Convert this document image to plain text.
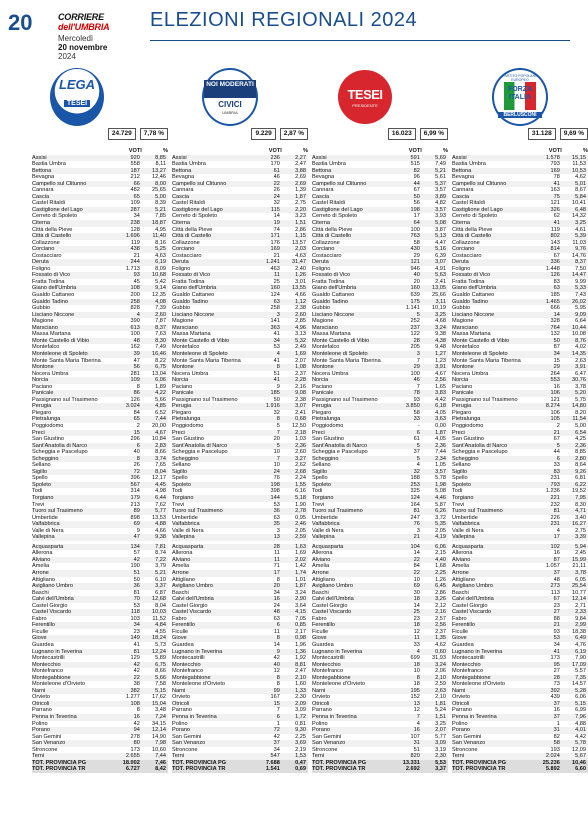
20	CORRIERE dell'UMBRIA
Mercoledì
20 novembre
2024
ELEZIONI REGIONALI 2024
LEGA
TESEI
UMBRIA
24.729	7,78 %
	VOTI	%
Assisi	920	8,85
Bastia Umbra	558	8,11
Bettona	187	13,27
Bevagna	212	12,46
Campello sul Clitunno	66	8,00
Cannara	482	25,65
Cascia	65	5,00
Castel Ritaldi	109	8,39
Castiglione del Lago	287	5,21
Cerreto di Spoleto	34	7,85
Citerna	238	18,87
Città della Pieve	128	4,95
Città di Castello	1.696	11,40
Collazzone	119	8,16
Corciano	438	5,25
Costacciaro	21	4,63
Deruta	244	6,19
Foligno	1.713	8,09
Fossato di Vico	93	10,68
Fratta Todina	45	5,42
Giano dell'Umbria	108	9,14
Gualdo Cattaneo	200	12,35
Gualdo Tadino	258	4,08
Gubbio	828	7,39
Lisciano Niccone	4	2,60
Magione	390	7,87
Marsciano	613	8,37
Massa Martana	100	7,63
Monte Castello di Vibio	48	8,30
Montefalco	162	7,49
Monteleone di Spoleto	39	16,46
Monte Santa Maria Tiberina	47	8,22
Montone	56	6,75
Nocera Umbra	281	13,04
Norcia	109	6,06
Paciano	8	1,89
Panicale	86	4,22
Passignano sul Trasimeno	126	5,66
Perugia	3.024	4,85
Piegaro	84	6,52
Pietralunga	65	7,44
Poggiodomo	2	20,00
Preci	15	4,67
San Giustino	296	10,84
Sant'Anatolia di Narco	6	2,83
Scheggia e Pascelupo	40	8,66
Scheggino	8	3,74
Sellano	26	7,65
Sigillo	72	8,04
Spello	396	12,17
Spoleto	567	4,45
Todi	314	4,98
Torgiano	179	6,44
Trevi	213	7,62
Tuoro sul Trasimeno	89	5,77
Umbertide	898	13,53
Valfabbrica	69	4,88
Valle di Nera	9	4,66
Vallepina	47	9,38

Acquasparta	134	7,81
Allerona	57	8,74
Alviano	42	7,22
Amelia	190	3,79
Arrone	51	5,21
Attigliano	50	6,10
Avigliano Umbro	36	3,37
Baschi	81	6,87
Calvi dell'Umbria	70	12,68
Castel Giorgio	53	8,04
Castel Viscardo	118	10,03
Fabro	103	11,52
Ferentillo	34	4,84
Ficulle	23	4,55
Giove	149	18,24
Guardea	41	5,73
Lugnano in Teverina	81	12,24
Montecastrilli	129	5,89
Montecchio	42	6,75
Montefranco	42	8,66
Montegabbione	22	5,66
Monteleone d'Orvieto	38	7,58
Narni	382	5,15
Orvieto	1.277	17,62
Otricoli	108	15,04
Parrano	8	3,48
Penna in Teverina	16	7,24
Polino	42	34,15
Porano	94	12,14
San Gemini	278	14,90
San Venanzo	80	7,98
Stroncone	173	10,60
Terni	2.655	7,44
TOT. PROVINCIA PG	18.002	7,46
TOT. PROVINCIA TR	6.727	8,42
NOI MODERATI
CIVICI
UMBRIA
9.229	2,87 %
	VOTI	%
Assisi	236	2,27
Bastia Umbra	170	2,47
Bettona	61	3,88
Bevagna	46	2,69
Campello sul Clitunno	22	2,69
Cannara	26	1,39
Cascia	24	1,87
Castel Ritaldi	32	2,75
Castiglione del Lago	115	2,20
Cerreto di Spoleto	14	3,23
Citerna	19	1,51
Città della Pieve	74	2,86
Città di Castello	171	1,15
Collazzone	176	13,57
Corciano	169	2,03
Costacciaro	21	4,63
Deruta	1.241	31,47
Foligno	463	2,40
Fossato di Vico	11	1,26
Fratta Todina	25	3,01
Giano dell'Umbria	160	13,55
Gualdo Cattaneo	124	4,66
Gualdo Tadino	63	1,12
Gubbio	258	2,38
Lisciano Niccone	3	2,60
Magione	141	2,85
Marsciano	363	4,96
Massa Martana	41	3,13
Monte Castello di Vibio	34	5,32
Montefalco	53	2,49
Monteleone di Spoleto	4	1,69
Monte Santa Maria Tiberina	41	2,07
Montone	8	1,08
Nocera Umbra	51	2,37
Norcia	41	2,28
Paciano	9	2,16
Panicale	185	9,08
Passignano sul Trasimeno	50	2,38
Perugia	1.916	3,07
Piegaro	32	2,41
Pietralunga	8	0,68
Poggiodomo	5	12,50
Preci	7	2,18
San Giustino	20	1,03
Sant'Anatolia di Narco	5	2,36
Scheggia e Pascelupo	10	2,60
Scheggino	7	3,27
Sellano	10	2,62
Sigillo	24	2,68
Spello	76	2,24
Spoleto	198	1,55
Todi	398	6,16
Torgiano	144	5,18
Trevi	53	1,90
Tuoro sul Trasimeno	36	2,78
Umbertide	63	0,95
Valfabbrica	35	2,46
Valle di Nera	3	2,05
Vallepina	13	2,59

Acquasparta	28	1,63
Allerona	11	1,69
Alviano	11	2,02
Amelia	71	1,42
Arrone	17	1,74
Attigliano	8	1,01
Avigliano Umbro	20	1,87
Baschi	34	3,24
Calvi dell'Umbria	16	2,90
Castel Giorgio	24	3,64
Castel Viscardo	48	4,15
Fabro	63	7,05
Ferentillo	6	0,85
Ficulle	11	2,17
Giove	8	0,98
Guardea	14	1,96
Lugnano in Teverina	9	1,36
Montecastrilli	42	1,92
Montecchio	40	8,81
Montefranco	12	2,47
Montegabbione	8	2,10
Monteleone d'Orvieto	8	1,60
Narni	99	1,33
Orvieto	167	2,30
Otricoli	15	2,09
Parrano	7	3,09
Penna in Teverina	6	1,72
Polino	1	0,81
Porano	72	9,30
San Gemini	42	2,25
San Venanzo	37	3,69
Stroncone	34	2,19
Terni	547	1,53
TOT. PROVINCIA PG	7.688	0,47
TOT. PROVINCIA TR	1.541	0,69
TESEI
PRESIDENTE
16.023	6,99 %
	VOTI	%
Assisi	591	5,69
Bastia Umbra	515	7,49
Bettona	82	5,21
Bevagna	96	5,61
Campello sul Clitunno	44	5,37
Cannara	67	3,57
Cascia	50	3,89
Castel Ritaldi	56	4,82
Castiglione del Lago	198	3,57
Cerreto di Spoleto	17	3,93
Citerna	64	5,08
Città della Pieve	100	3,87
Città di Castello	763	5,13
Collazzone	58	4,47
Corciano	430	5,16
Costacciaro	29	6,39
Deruta	121	3,07
Foligno	946	4,91
Fossato di Vico	40	5,63
Fratta Todina	20	2,41
Giano dell'Umbria	160	13,05
Gualdo Cattaneo	639	25,66
Gualdo Tadino	175	3,11
Gubbio	1.141	10,19
Lisciano Niccone	5	3,25
Magione	252	4,68
Marsciano	237	3,24
Massa Martana	122	9,38
Monte Castello di Vibio	28	4,38
Montefalco	205	9,48
Monteleone di Spoleto	3	1,27
Monte Santa Maria Tiberina	7	1,23
Montone	29	3,91
Nocera Umbra	100	4,67
Norcia	46	2,56
Paciano	7	1,65
Panicale	78	3,83
Passignano sul Trasimeno	93	4,42
Perugia	3.850	6,18
Piegaro	58	4,05
Pietralunga	33	3,63
Poggiodomo	-	0,00
Preci	6	1,87
San Giustino	61	4,05
Sant'Anatolia di Narco	5	2,36
Scheggia e Pascelupo	37	7,44
Scheggino	5	2,34
Sellano	4	1,05
Sigillo	32	3,57
Spello	188	5,78
Spoleto	253	1,98
Todi	325	5,08
Torgiano	124	4,46
Trevi	164	5,87
Tuoro sul Trasimeno	81	6,26
Umbertide	247	3,72
Valfabbrica	76	5,35
Valle di Nera	3	2,05
Vallepina	21	4,19

Acquasparta	104	6,06
Allerona	14	2,15
Alviano	22	4,40
Amelia	84	1,68
Arrone	22	2,25
Attigliano	10	1,26
Avigliano Umbro	69	6,45
Baschi	30	2,86
Calvi dell'Umbria	18	3,26
Castel Giorgio	14	2,12
Castel Viscardo	25	2,16
Fabro	23	2,57
Ferentillo	18	2,56
Ficulle	12	2,37
Giove	11	1,35
Guardea	33	4,62
Lugnano in Teverina	4	0,60
Montecastrilli	699	31,93
Montecchio	18	3,24
Montefranco	10	2,06
Montegabbione	8	2,10
Monteleone d'Orvieto	18	2,59
Narni	195	2,63
Orvieto	152	2,10
Otricoli	13	1,81
Parrano	12	5,24
Penna in Teverina	7	1,51
Polino	4	3,25
Porano	16	2,07
San Gemini	107	5,77
San Venanzo	31	3,09
Stroncone	51	3,19
Terni	820	2,30
TOT. PROVINCIA PG	13.331	5,53
TOT. PROVINCIA TR	2.692	3,37
PARTITO POPOLARE EUROPEO
FORZA ITALIA
BERLUSCONI
31.128	9,69 %
	VOTI	%
Assisi	1.578	15,15
Bastia Umbra	793	11,53
Bettona	169	10,53
Bevagna	78	4,62
Campello sul Clitunno	41	5,01
Cannara	163	8,67
Cascia	75	5,84
Castel Ritaldi	121	10,41
Castiglione del Lago	326	6,48
Cerreto di Spoleto	62	14,32
Citerna	41	3,25
Città della Pieve	119	4,61
Città di Castello	802	5,39
Collazzone	143	11,03
Corciano	814	9,76
Costacciaro	67	14,76
Deruta	336	8,37
Foligno	1.448	7,50
Fossato di Vico	126	14,47
Fratta Todina	83	9,99
Giano dell'Umbria	63	5,33
Gualdo Cattaneo	185	7,43
Gualdo Tadino	1.465	26,02
Gubbio	666	5,95
Lisciano Niccone	14	9,09
Magione	328	6,64
Marsciano	764	10,44
Massa Martana	132	10,08
Monte Castello di Vibio	50	8,76
Montefalco	87	4,02
Monteleone di Spoleto	34	14,35
Monte Santa Maria Tiberina	15	2,63
Montone	29	3,91
Nocera Umbra	264	6,47
Norcia	553	30,76
Paciano	16	3,78
Panicale	106	5,20
Passignano sul Trasimeno	121	5,75
Perugia	8.274	14,80
Piegaro	106	8,20
Pietralunga	105	11,54
Poggiodomo	2	5,00
Preci	21	6,54
San Giustino	67	4,25
Sant'Anatolia di Narco	5	2,36
Scheggia e Pascelupo	44	8,85
Scheggino	6	2,80
Sellano	33	8,64
Sigillo	83	9,26
Spello	231	6,81
Spoleto	793	6,22
Todi	1.236	19,52
Torgiano	221	7,95
Trevi	232	8,30
Tuoro sul Trasimeno	81	4,71
Umbertide	226	3,40
Valfabbrica	231	16,27
Valle di Nera	4	2,75
Vallepina	17	3,39

Acquasparta	102	5,94
Allerona	16	2,45
Alviano	87	15,99
Amelia	1.057	21,11
Arrone	37	3,78
Attigliano	48	6,05
Avigliano Umbro	273	25,54
Baschi	113	10,77
Calvi dell'Umbria	67	12,14
Castel Giorgio	23	2,71
Castel Viscardo	27	2,33
Fabro	88	9,84
Ferentillo	21	2,99
Ficulle	93	18,38
Giove	53	6,49
Guardea	34	4,76
Lugnano in Teverina	41	6,19
Montecastrilli	173	7,90
Montecchio	95	17,09
Montefranco	27	5,57
Montegabbione	28	7,35
Monteleone d'Orvieto	73	14,57
Narni	392	5,28
Orvieto	439	6,06
Otricoli	37	5,15
Parrano	16	6,99
Penna in Teverina	37	7,96
Polino	1	4,88
Porano	31	4,01
San Gemini	82	4,42
San Venanzo	58	5,78
Stroncone	193	12,09
Terni	2.024	5,67
TOT. PROVINCIA PG	25.236	10,46
TOT. PROVINCIA TR	5.892	6,60
